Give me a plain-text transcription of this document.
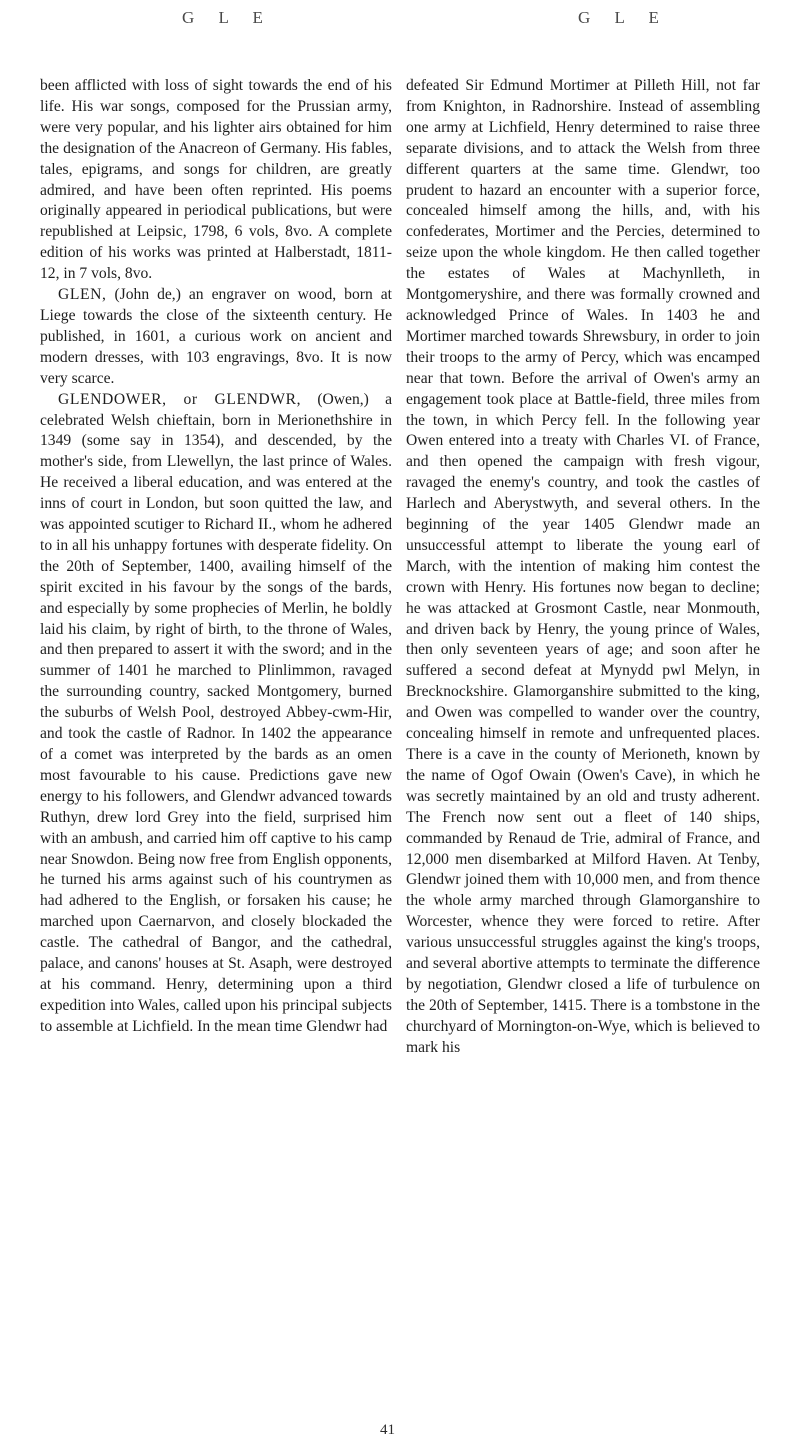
G L E	G L E

been afflicted with loss of sight towards the end of his life. His war songs, composed for the Prussian army, were very popular, and his lighter airs obtained for him the designation of the Anacreon of Germany. His fables, tales, epigrams, and songs for children, are greatly admired, and have been often reprinted. His poems originally appeared in periodical publications, but were republished at Leipsic, 1798, 6 vols, 8vo. A complete edition of his works was printed at Halberstadt, 1811-12, in 7 vols, 8vo.

GLEN, (John de,) an engraver on wood, born at Liege towards the close of the sixteenth century. He published, in 1601, a curious work on ancient and modern dresses, with 103 engravings, 8vo. It is now very scarce.

GLENDOWER, or GLENDWR, (Owen,) a celebrated Welsh chieftain, born in Merionethshire in 1349 (some say in 1354), and descended, by the mother's side, from Llewellyn, the last prince of Wales. He received a liberal education, and was entered at the inns of court in London, but soon quitted the law, and was appointed scutiger to Richard II., whom he adhered to in all his unhappy fortunes with desperate fidelity. On the 20th of September, 1400, availing himself of the spirit excited in his favour by the songs of the bards, and especially by some prophecies of Merlin, he boldly laid his claim, by right of birth, to the throne of Wales, and then prepared to assert it with the sword; and in the summer of 1401 he marched to Plinlimmon, ravaged the surrounding country, sacked Montgomery, burned the suburbs of Welsh Pool, destroyed Abbey-cwm-Hir, and took the castle of Radnor. In 1402 the appearance of a comet was interpreted by the bards as an omen most favourable to his cause. Predictions gave new energy to his followers, and Glendwr advanced towards Ruthyn, drew lord Grey into the field, surprised him with an ambush, and carried him off captive to his camp near Snowdon. Being now free from English opponents, he turned his arms against such of his countrymen as had adhered to the English, or forsaken his cause; he marched upon Caernarvon, and closely blockaded the castle. The cathedral of Bangor, and the cathedral, palace, and canons' houses at St. Asaph, were destroyed at his command. Henry, determining upon a third expedition into Wales, called upon his principal subjects to assemble at Lichfield. In the mean time Glendwr had

defeated Sir Edmund Mortimer at Pilleth Hill, not far from Knighton, in Radnorshire. Instead of assembling one army at Lichfield, Henry determined to raise three separate divisions, and to attack the Welsh from three different quarters at the same time. Glendwr, too prudent to hazard an encounter with a superior force, concealed himself among the hills, and, with his confederates, Mortimer and the Percies, determined to seize upon the whole kingdom. He then called together the estates of Wales at Machynlleth, in Montgomeryshire, and there was formally crowned and acknowledged Prince of Wales. In 1403 he and Mortimer marched towards Shrewsbury, in order to join their troops to the army of Percy, which was encamped near that town. Before the arrival of Owen's army an engagement took place at Battle-field, three miles from the town, in which Percy fell. In the following year Owen entered into a treaty with Charles VI. of France, and then opened the campaign with fresh vigour, ravaged the enemy's country, and took the castles of Harlech and Aberystwyth, and several others. In the beginning of the year 1405 Glendwr made an unsuccessful attempt to liberate the young earl of March, with the intention of making him contest the crown with Henry. His fortunes now began to decline; he was attacked at Grosmont Castle, near Monmouth, and driven back by Henry, the young prince of Wales, then only seventeen years of age; and soon after he suffered a second defeat at Mynydd pwl Melyn, in Brecknockshire. Glamorganshire submitted to the king, and Owen was compelled to wander over the country, concealing himself in remote and unfrequented places. There is a cave in the county of Merioneth, known by the name of Ogof Owain (Owen's Cave), in which he was secretly maintained by an old and trusty adherent. The French now sent out a fleet of 140 ships, commanded by Renaud de Trie, admiral of France, and 12,000 men disembarked at Milford Haven. At Tenby, Glendwr joined them with 10,000 men, and from thence the whole army marched through Glamorganshire to Worcester, whence they were forced to retire. After various unsuccessful struggles against the king's troops, and several abortive attempts to terminate the difference by negotiation, Glendwr closed a life of turbulence on the 20th of September, 1415. There is a tombstone in the churchyard of Mornington-on-Wye, which is believed to mark his

41
